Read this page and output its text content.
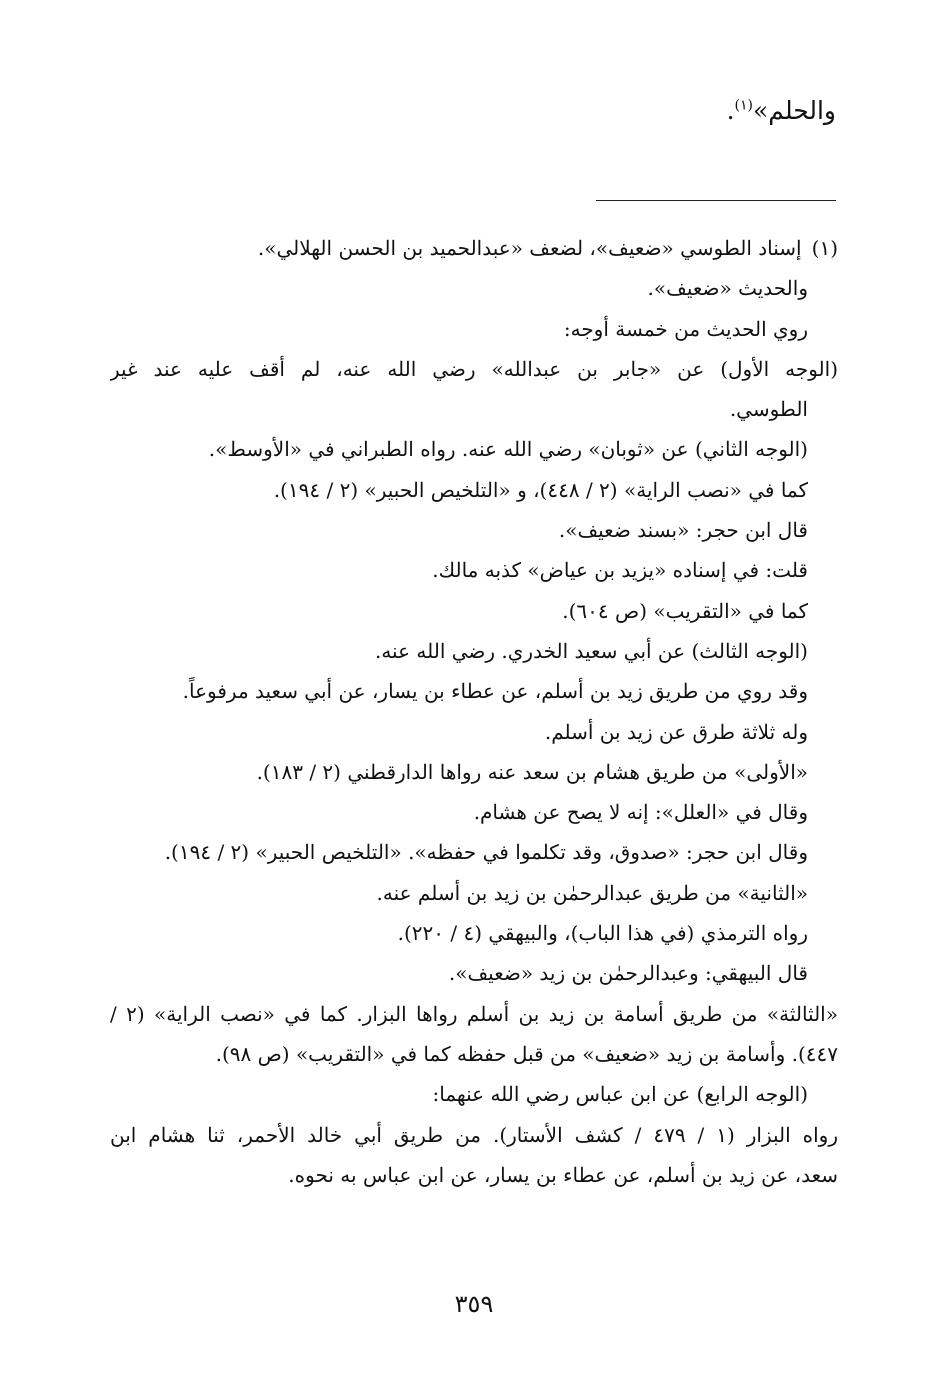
والحلم»$^{(١)}$.
(١)إسناد الطوسي «ضعيف»، لضعف «عبدالحميد بن الحسن الهلالي».
والحديث «ضعيف».
روي الحديث من خمسة أوجه:
(الوجه الأول) عن «جابر بن عبدالله» رضي الله عنه، لم أقف عليه عند غير
الطوسي.
(الوجه الثاني) عن «ثوبان» رضي الله عنه. رواه الطبراني في «الأوسط».
كما في «نصب الراية» (٢ / ٤٤٨)، و «التلخيص الحبير» (٢ / ١٩٤).
قال ابن حجر: «بسند ضعيف».
قلت: في إسناده «يزيد بن عياض» كذبه مالك.
كما في «التقريب» (ص ٦٠٤).
(الوجه الثالث) عن أبي سعيد الخدري. رضي الله عنه.
وقد روي من طريق زيد بن أسلم، عن عطاء بن يسار، عن أبي سعيد مرفوعاً.
وله ثلاثة طرق عن زيد بن أسلم.
«الأولى» من طريق هشام بن سعد عنه رواها الدارقطني (٢ / ١٨٣).
وقال في «العلل»: إنه لا يصح عن هشام.
وقال ابن حجر: «صدوق، وقد تكلموا في حفظه». «التلخيص الحبير» (٢ / ١٩٤).
«الثانية» من طريق عبدالرحمٰن بن زيد بن أسلم عنه.
رواه الترمذي (في هذا الباب)، والبيهقي (٤ / ٢٢٠).
قال البيهقي: وعبدالرحمٰن بن زيد «ضعيف».
«الثالثة» من طريق أسامة بن زيد بن أسلم رواها البزار. كما في «نصب الراية» (٢ /
٤٤٧). وأسامة بن زيد «ضعيف» من قبل حفظه كما في «التقريب» (ص ٩٨).
(الوجه الرابع) عن ابن عباس رضي الله عنهما:
رواه البزار (١ / ٤٧٩ / كشف الأستار). من طريق أبي خالد الأحمر، ثنا هشام ابن
سعد، عن زيد بن أسلم، عن عطاء بن يسار، عن ابن عباس به نحوه.
٣٥٩
